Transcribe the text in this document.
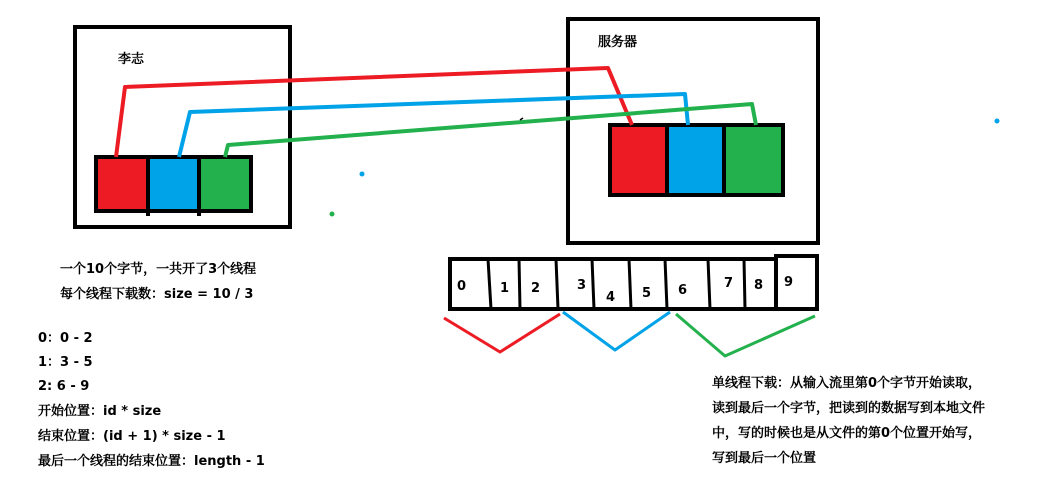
李志
服务器
0	1 2	3
4 5 6	7 8 9
一个10个字节，一共开了3个线程
每个线程下载数：size = 10 / 3
0：0 - 2
1：3 - 5
2: 6 - 9
开始位置：id * size
结束位置：(id + 1) * size - 1
最后一个线程的结束位置：length - 1
单线程下载：从输入流里第0个字节开始读取，
读到最后一个字节，把读到的数据写到本地文件
中，写的时候也是从文件的第0个位置开始写，
写到最后一个位置
